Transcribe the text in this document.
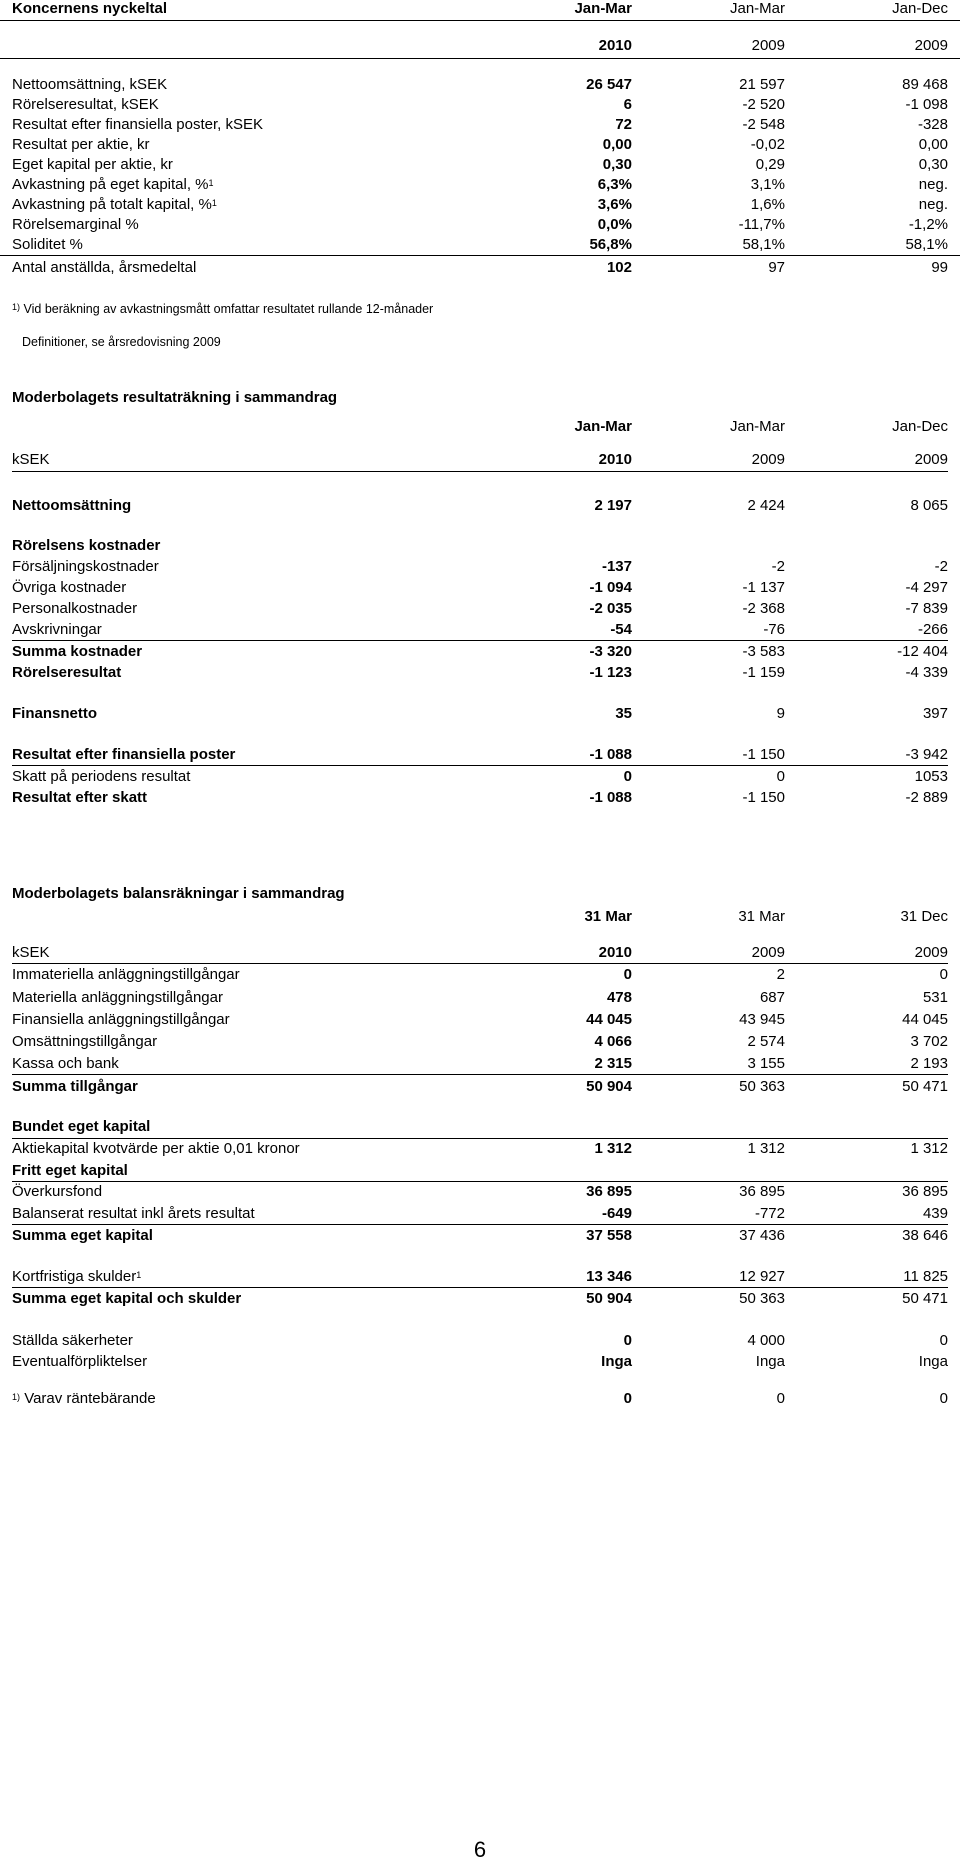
Koncernens nyckeltal	Jan-Mar	Jan-Mar	Jan-Dec
2010	2009	2009
Nettoomsättning, kSEK	26 547	21 597	89 468
Rörelseresultat, kSEK	6	-2 520	-1 098
Resultat efter finansiella poster, kSEK	72	-2 548	-328
Resultat per aktie, kr	0,00	-0,02	0,00
Eget kapital per aktie, kr	0,30	0,29	0,30
Avkastning på eget kapital, %$^1$	6,3%	3,1%	neg.
Avkastning på totalt kapital, %$^1$	3,6%	1,6%	neg.
Rörelsemarginal %	0,0%	-11,7%	-1,2%
Soliditet %	56,8%	58,1%	58,1%
Antal anställda, årsmedeltal	102	97	99
$^{1)}$ Vid beräkning av avkastningsmått omfattar resultatet rullande 12-månader
Definitioner, se årsredovisning 2009
Moderbolagets resultaträkning i sammandrag
Jan-Mar	Jan-Mar	Jan-Dec
kSEK	2010	2009	2009
Nettoomsättning	2 197	2 424	8 065
Rörelsens kostnader
Försäljningskostnader	-137	-2	-2
Övriga kostnader	-1 094	-1 137	-4 297
Personalkostnader	-2 035	-2 368	-7 839
Avskrivningar	-54	-76	-266
Summa kostnader	-3 320	-3 583	-12 404
Rörelseresultat	-1 123	-1 159	-4 339
Finansnetto	35	9	397
Resultat efter finansiella poster	-1 088	-1 150	-3 942
Skatt på periodens resultat	0	0	1053
Resultat efter skatt	-1 088	-1 150	-2 889
Moderbolagets balansräkningar i sammandrag
31 Mar	31 Mar	31 Dec
kSEK	2010	2009	2009
Immateriella anläggningstillgångar	0	2	0
Materiella anläggningstillgångar	478	687	531
Finansiella anläggningstillgångar	44 045	43 945	44 045
Omsättningstillgångar	4 066	2 574	3 702
Kassa och bank	2 315	3 155	2 193
Summa tillgångar	50 904	50 363	50 471
Bundet eget kapital
Aktiekapital kvotvärde per aktie 0,01 kronor	1 312	1 312	1 312
Fritt eget kapital
Överkursfond	36 895	36 895	36 895
Balanserat resultat inkl årets resultat	-649	-772	439
Summa eget kapital	37 558	37 436	38 646
Kortfristiga skulder$^1$	13 346	12 927	11 825
Summa eget kapital och skulder	50 904	50 363	50 471
Ställda säkerheter	0	4 000	0
Eventualförpliktelser	Inga	Inga	Inga
$^{1)}$ Varav räntebärande	0	0	0
6
